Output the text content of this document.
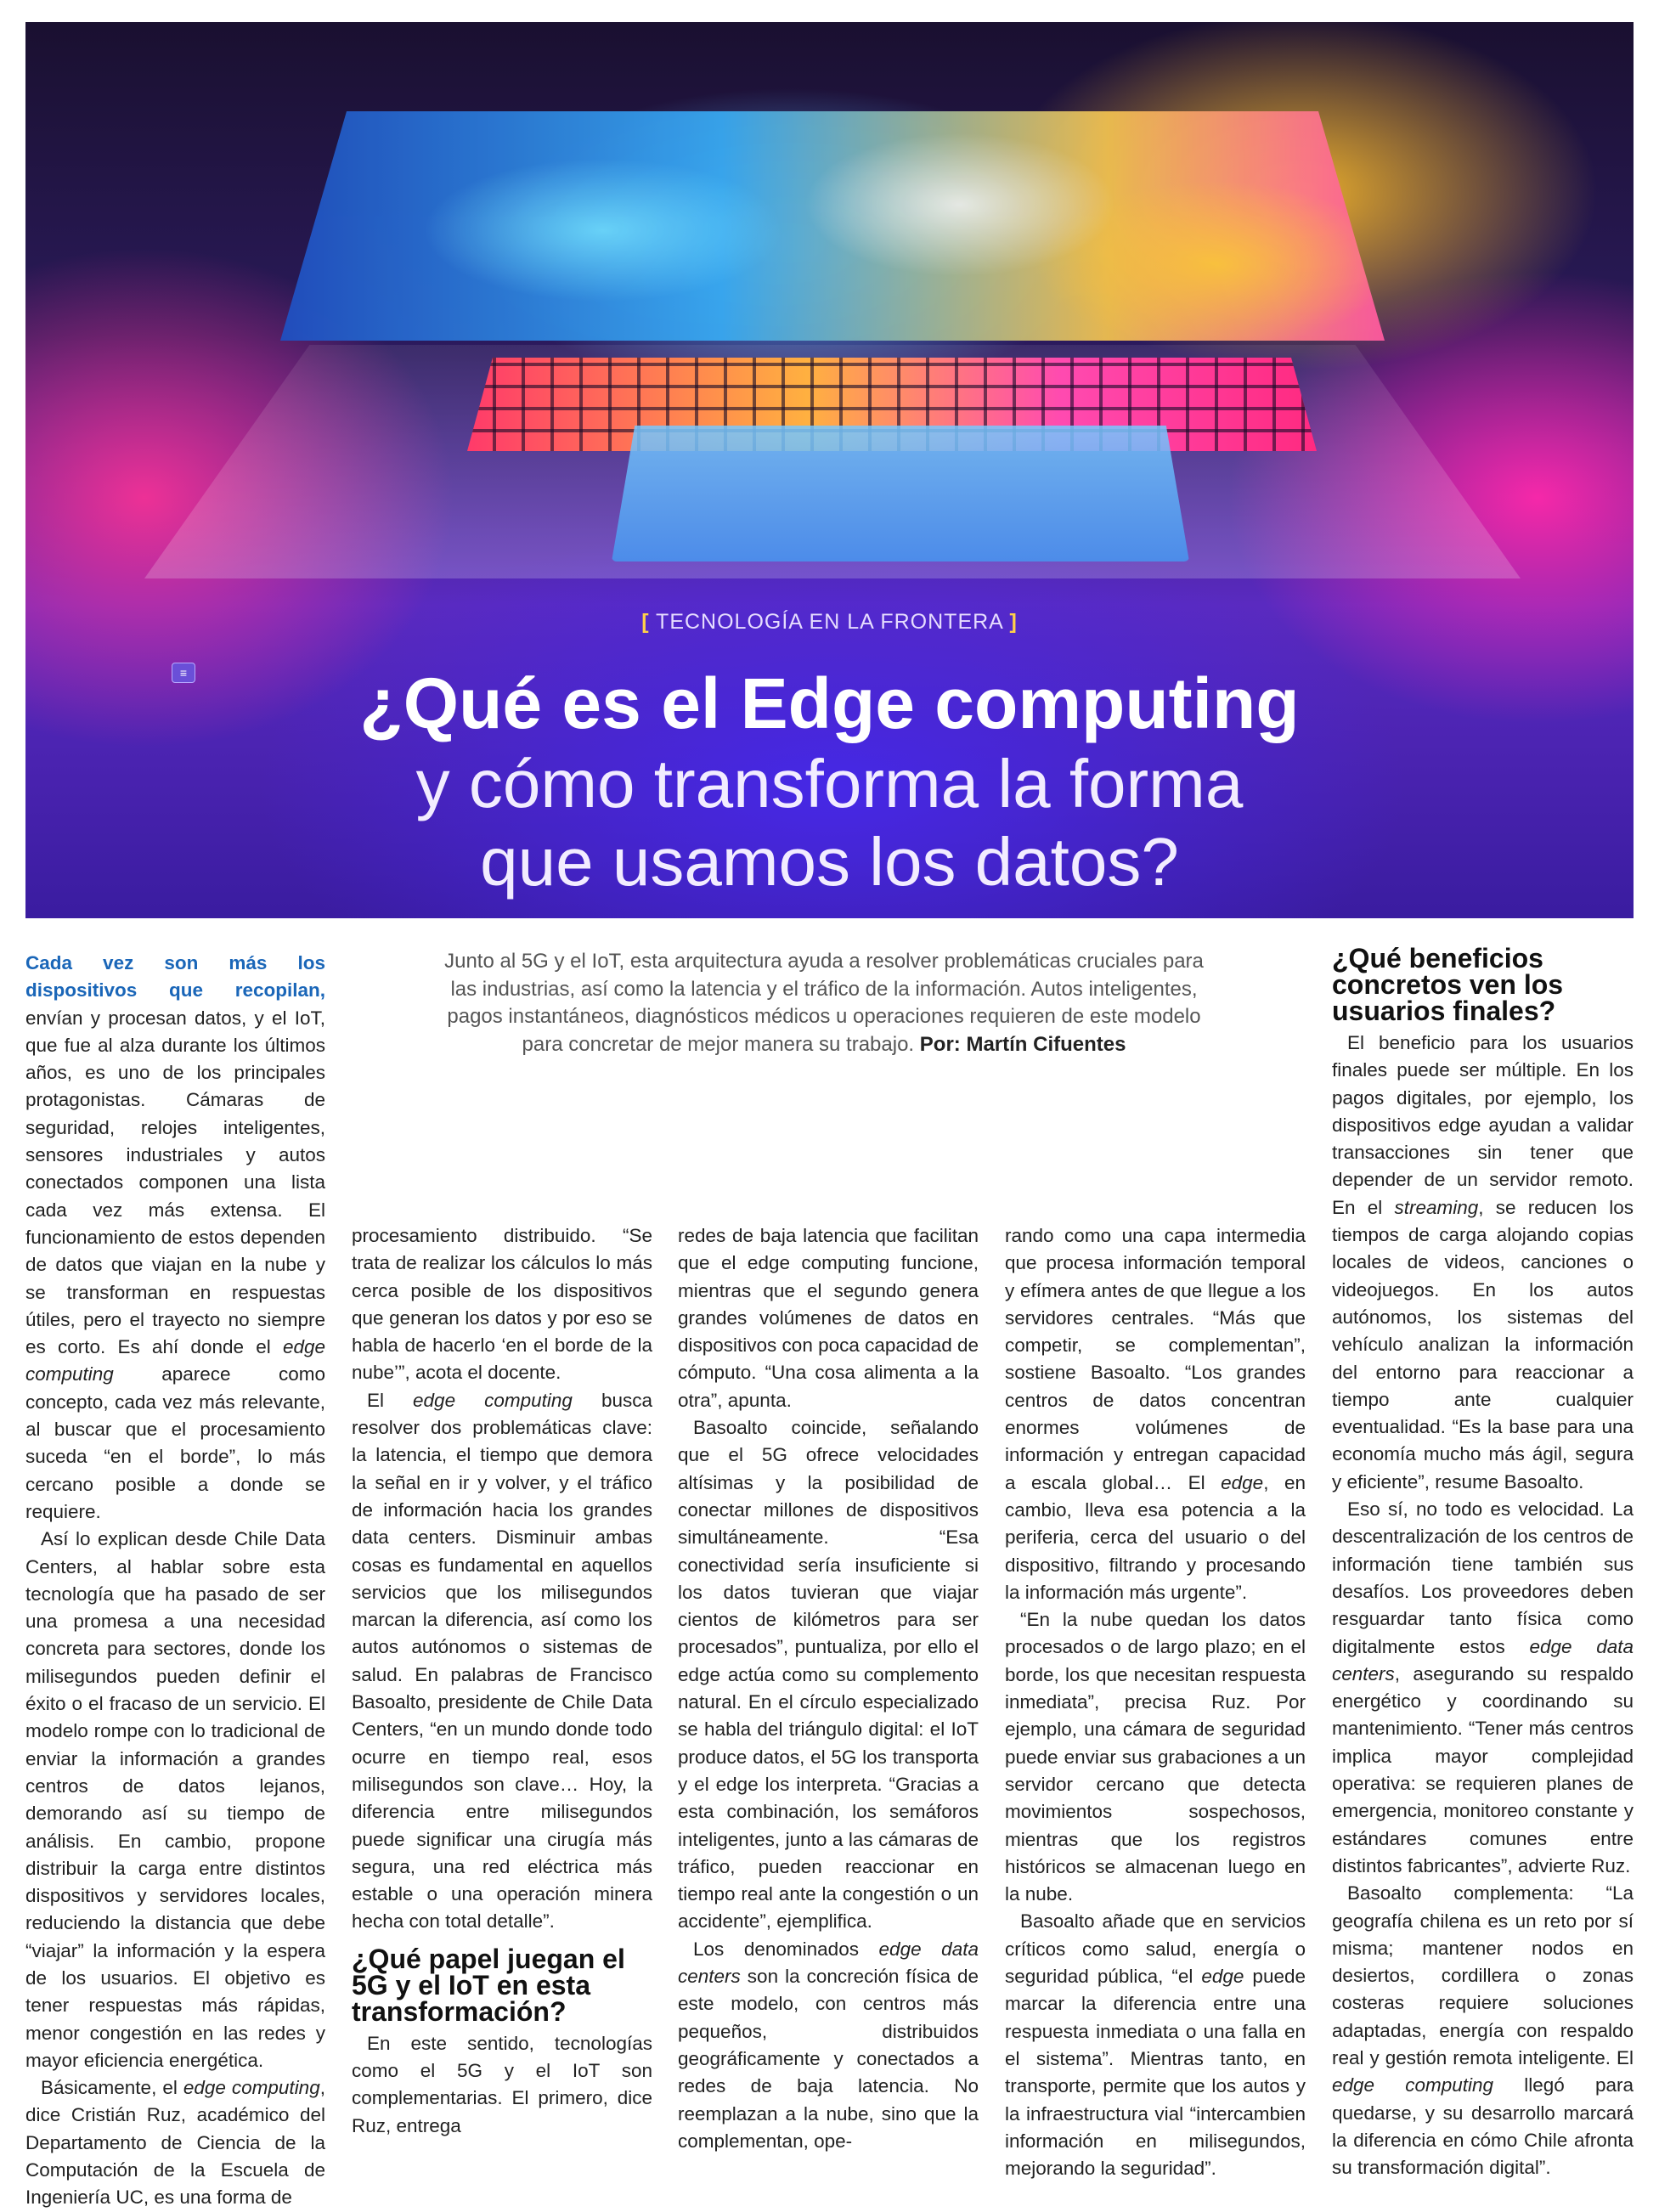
[ TECNOLOGÍA EN LA FRONTERA ]
≡	¿Qué es el Edge computing
y cómo transforma la forma
que usamos los datos?
Junto al 5G y el IoT, esta arquitectura ayuda a resolver problemáticas cruciales para las industrias, así como la latencia y el tráfico de la información. Autos inteligentes, pagos instantáneos, diagnósticos médicos u operaciones requieren de este modelo para concretar de mejor manera su trabajo. Por: Martín Cifuentes

Cada vez son más los dispositivos que recopilan, envían y procesan datos, y el IoT, que fue al alza durante los últimos años, es uno de los principales protagonistas. Cámaras de seguridad, relojes inteligentes, sensores industriales y autos conectados componen una lista cada vez más extensa. El funcionamiento de estos dependen de datos que viajan en la nube y se transforman en respuestas útiles, pero el trayecto no siempre es corto. Es ahí donde el edge computing aparece como concepto, cada vez más relevante, al buscar que el procesamiento suceda “en el borde”, lo más cercano posible a donde se requiere.

Así lo explican desde Chile Data Centers, al hablar sobre esta tecnología que ha pasado de ser una promesa a una necesidad concreta para sectores, donde los milisegundos pueden definir el éxito o el fracaso de un servicio. El modelo rompe con lo tradicional de enviar la información a grandes centros de datos lejanos, demorando así su tiempo de análisis. En cambio, propone distribuir la carga entre distintos dispositivos y servidores locales, reduciendo la distancia que debe “viajar” la información y la espera de los usuarios. El objetivo es tener respuestas más rápidas, menor congestión en las redes y mayor eficiencia energética.

Básicamente, el edge computing, dice Cristián Ruz, académico del Departamento de Ciencia de la Computación de la Escuela de Ingeniería UC, es una forma de

procesamiento distribuido. “Se trata de realizar los cálculos lo más cerca posible de los dispositivos que generan los datos y por eso se habla de hacerlo ‘en el borde de la nube’”, acota el docente.

El edge computing busca resolver dos problemáticas clave: la latencia, el tiempo que demora la señal en ir y volver, y el tráfico de información hacia los grandes data centers. Disminuir ambas cosas es fundamental en aquellos servicios que los milisegundos marcan la diferencia, así como los autos autónomos o sistemas de salud. En palabras de Francisco Basoalto, presidente de Chile Data Centers, “en un mundo donde todo ocurre en tiempo real, esos milisegundos son clave… Hoy, la diferencia entre milisegundos puede significar una cirugía más segura, una red eléctrica más estable o una operación minera hecha con total detalle”.

¿Qué papel juegan el 5G y el IoT en esta transformación?

En este sentido, tecnologías como el 5G y el IoT son complementarias. El primero, dice Ruz, entrega

redes de baja latencia que facilitan que el edge computing funcione, mientras que el segundo genera grandes volúmenes de datos en dispositivos con poca capacidad de cómputo. “Una cosa alimenta a la otra”, apunta.

Basoalto coincide, señalando que el 5G ofrece velocidades altísimas y la posibilidad de conectar millones de dispositivos simultáneamente. “Esa conectividad sería insuficiente si los datos tuvieran que viajar cientos de kilómetros para ser procesados”, puntualiza, por ello el edge actúa como su complemento natural. En el círculo especializado se habla del triángulo digital: el IoT produce datos, el 5G los transporta y el edge los interpreta. “Gracias a esta combinación, los semáforos inteligentes, junto a las cámaras de tráfico, pueden reaccionar en tiempo real ante la congestión o un accidente”, ejemplifica.

Los denominados edge data centers son la concreción física de este modelo, con centros más pequeños, distribuidos geográficamente y conectados a redes de baja latencia. No reemplazan a la nube, sino que la complementan, ope-

rando como una capa intermedia que procesa información temporal y efímera antes de que llegue a los servidores centrales. “Más que competir, se complementan”, sostiene Basoalto. “Los grandes centros de datos concentran enormes volúmenes de información y entregan capacidad a escala global… El edge, en cambio, lleva esa potencia a la periferia, cerca del usuario o del dispositivo, filtrando y procesando la información más urgente”.

“En la nube quedan los datos procesados o de largo plazo; en el borde, los que necesitan respuesta inmediata”, precisa Ruz. Por ejemplo, una cámara de seguridad puede enviar sus grabaciones a un servidor cercano que detecta movimientos sospechosos, mientras que los registros históricos se almacenan luego en la nube.

Basoalto añade que en servicios críticos como salud, energía o seguridad pública, “el edge puede marcar la diferencia entre una respuesta inmediata o una falla en el sistema”. Mientras tanto, en transporte, permite que los autos y la infraestructura vial “intercambien información en milisegundos, mejorando la seguridad”.

¿Qué beneficios concretos ven los usuarios finales?

El beneficio para los usuarios finales puede ser múltiple. En los pagos digitales, por ejemplo, los dispositivos edge ayudan a validar transacciones sin tener que depender de un servidor remoto. En el streaming, se reducen los tiempos de carga alojando copias locales de videos, canciones o videojuegos. En los autos autónomos, los sistemas del vehículo analizan la información del entorno para reaccionar a tiempo ante cualquier eventualidad. “Es la base para una economía mucho más ágil, segura y eficiente”, resume Basoalto.

Eso sí, no todo es velocidad. La descentralización de los centros de información tiene también sus desafíos. Los proveedores deben resguardar tanto física como digitalmente estos edge data centers, asegurando su respaldo energético y coordinando su mantenimiento. “Tener más centros implica mayor complejidad operativa: se requieren planes de emergencia, monitoreo constante y estándares comunes entre distintos fabricantes”, advierte Ruz.

Basoalto complementa: “La geografía chilena es un reto por sí misma; mantener nodos en desiertos, cordillera o zonas costeras requiere soluciones adaptadas, energía con respaldo real y gestión remota inteligente. El edge computing llegó para quedarse, y su desarrollo marcará la diferencia en cómo Chile afronta su transformación digital”.
